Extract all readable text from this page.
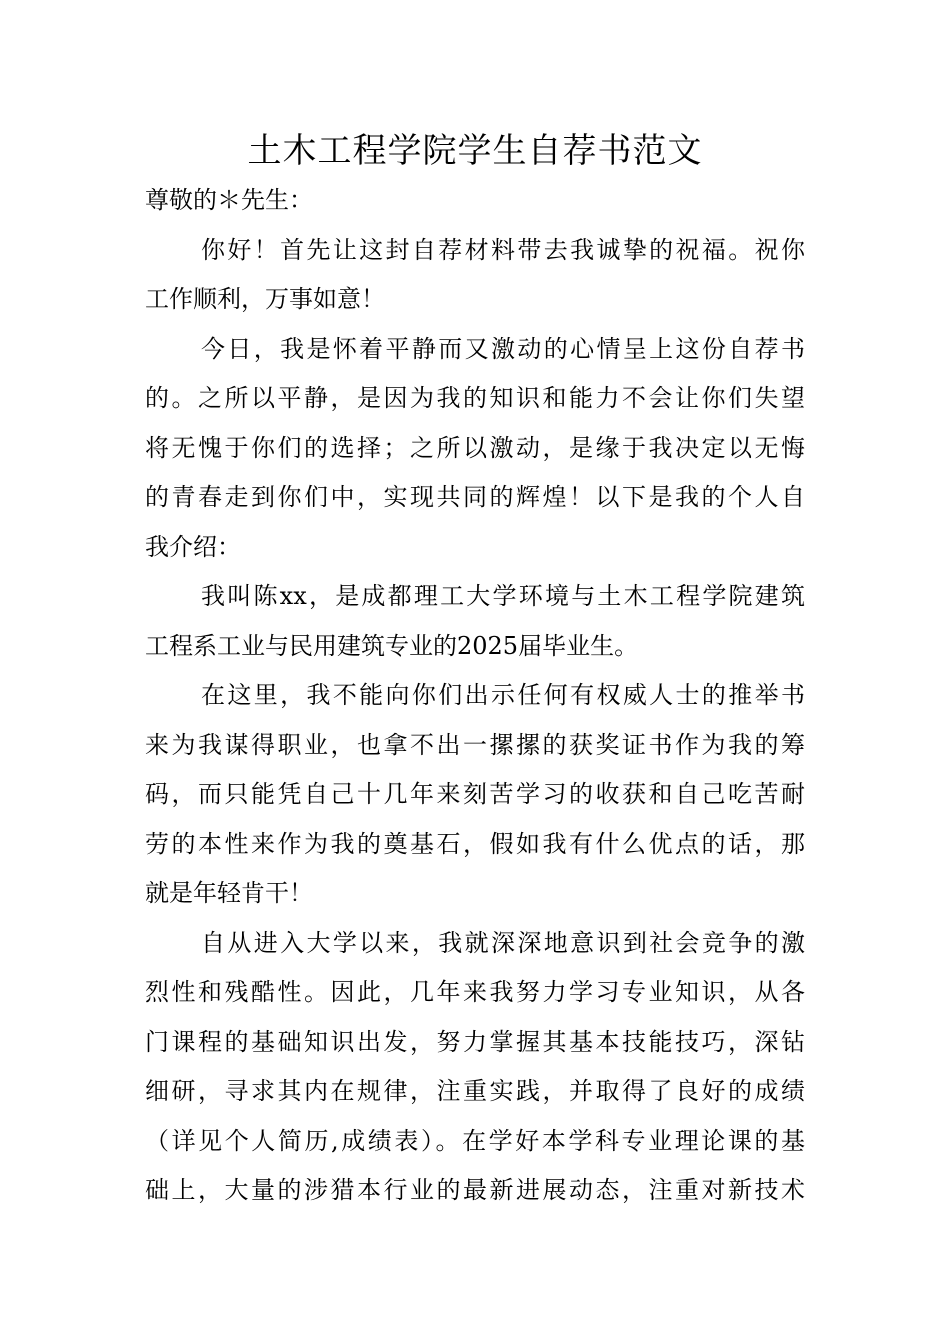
土木工程学院学生自荐书范文

尊敬的＊先生：

你好！首先让这封自荐材料带去我诚挚的祝福。祝你
工作顺利，万事如意！
今日，我是怀着平静而又激动的心情呈上这份自荐书
的。之所以平静，是因为我的知识和能力不会让你们失望
将无愧于你们的选择；之所以激动，是缘于我决定以无悔
的青春走到你们中，实现共同的辉煌！以下是我的个人自
我介绍：
我叫陈xx，是成都理工大学环境与土木工程学院建筑
工程系工业与民用建筑专业的2025届毕业生。
在这里，我不能向你们出示任何有权威人士的推举书
来为我谋得职业，也拿不出一摞摞的获奖证书作为我的筹
码，而只能凭自己十几年来刻苦学习的收获和自己吃苦耐
劳的本性来作为我的奠基石，假如我有什么优点的话，那
就是年轻肯干！
自从进入大学以来，我就深深地意识到社会竞争的激
烈性和残酷性。因此，几年来我努力学习专业知识，从各
门课程的基础知识出发，努力掌握其基本技能技巧，深钻
细研，寻求其内在规律，注重实践，并取得了良好的成绩
（详见个人简历,成绩表）。在学好本学科专业理论课的基
础上，大量的涉猎本行业的最新进展动态，注重对新技术
